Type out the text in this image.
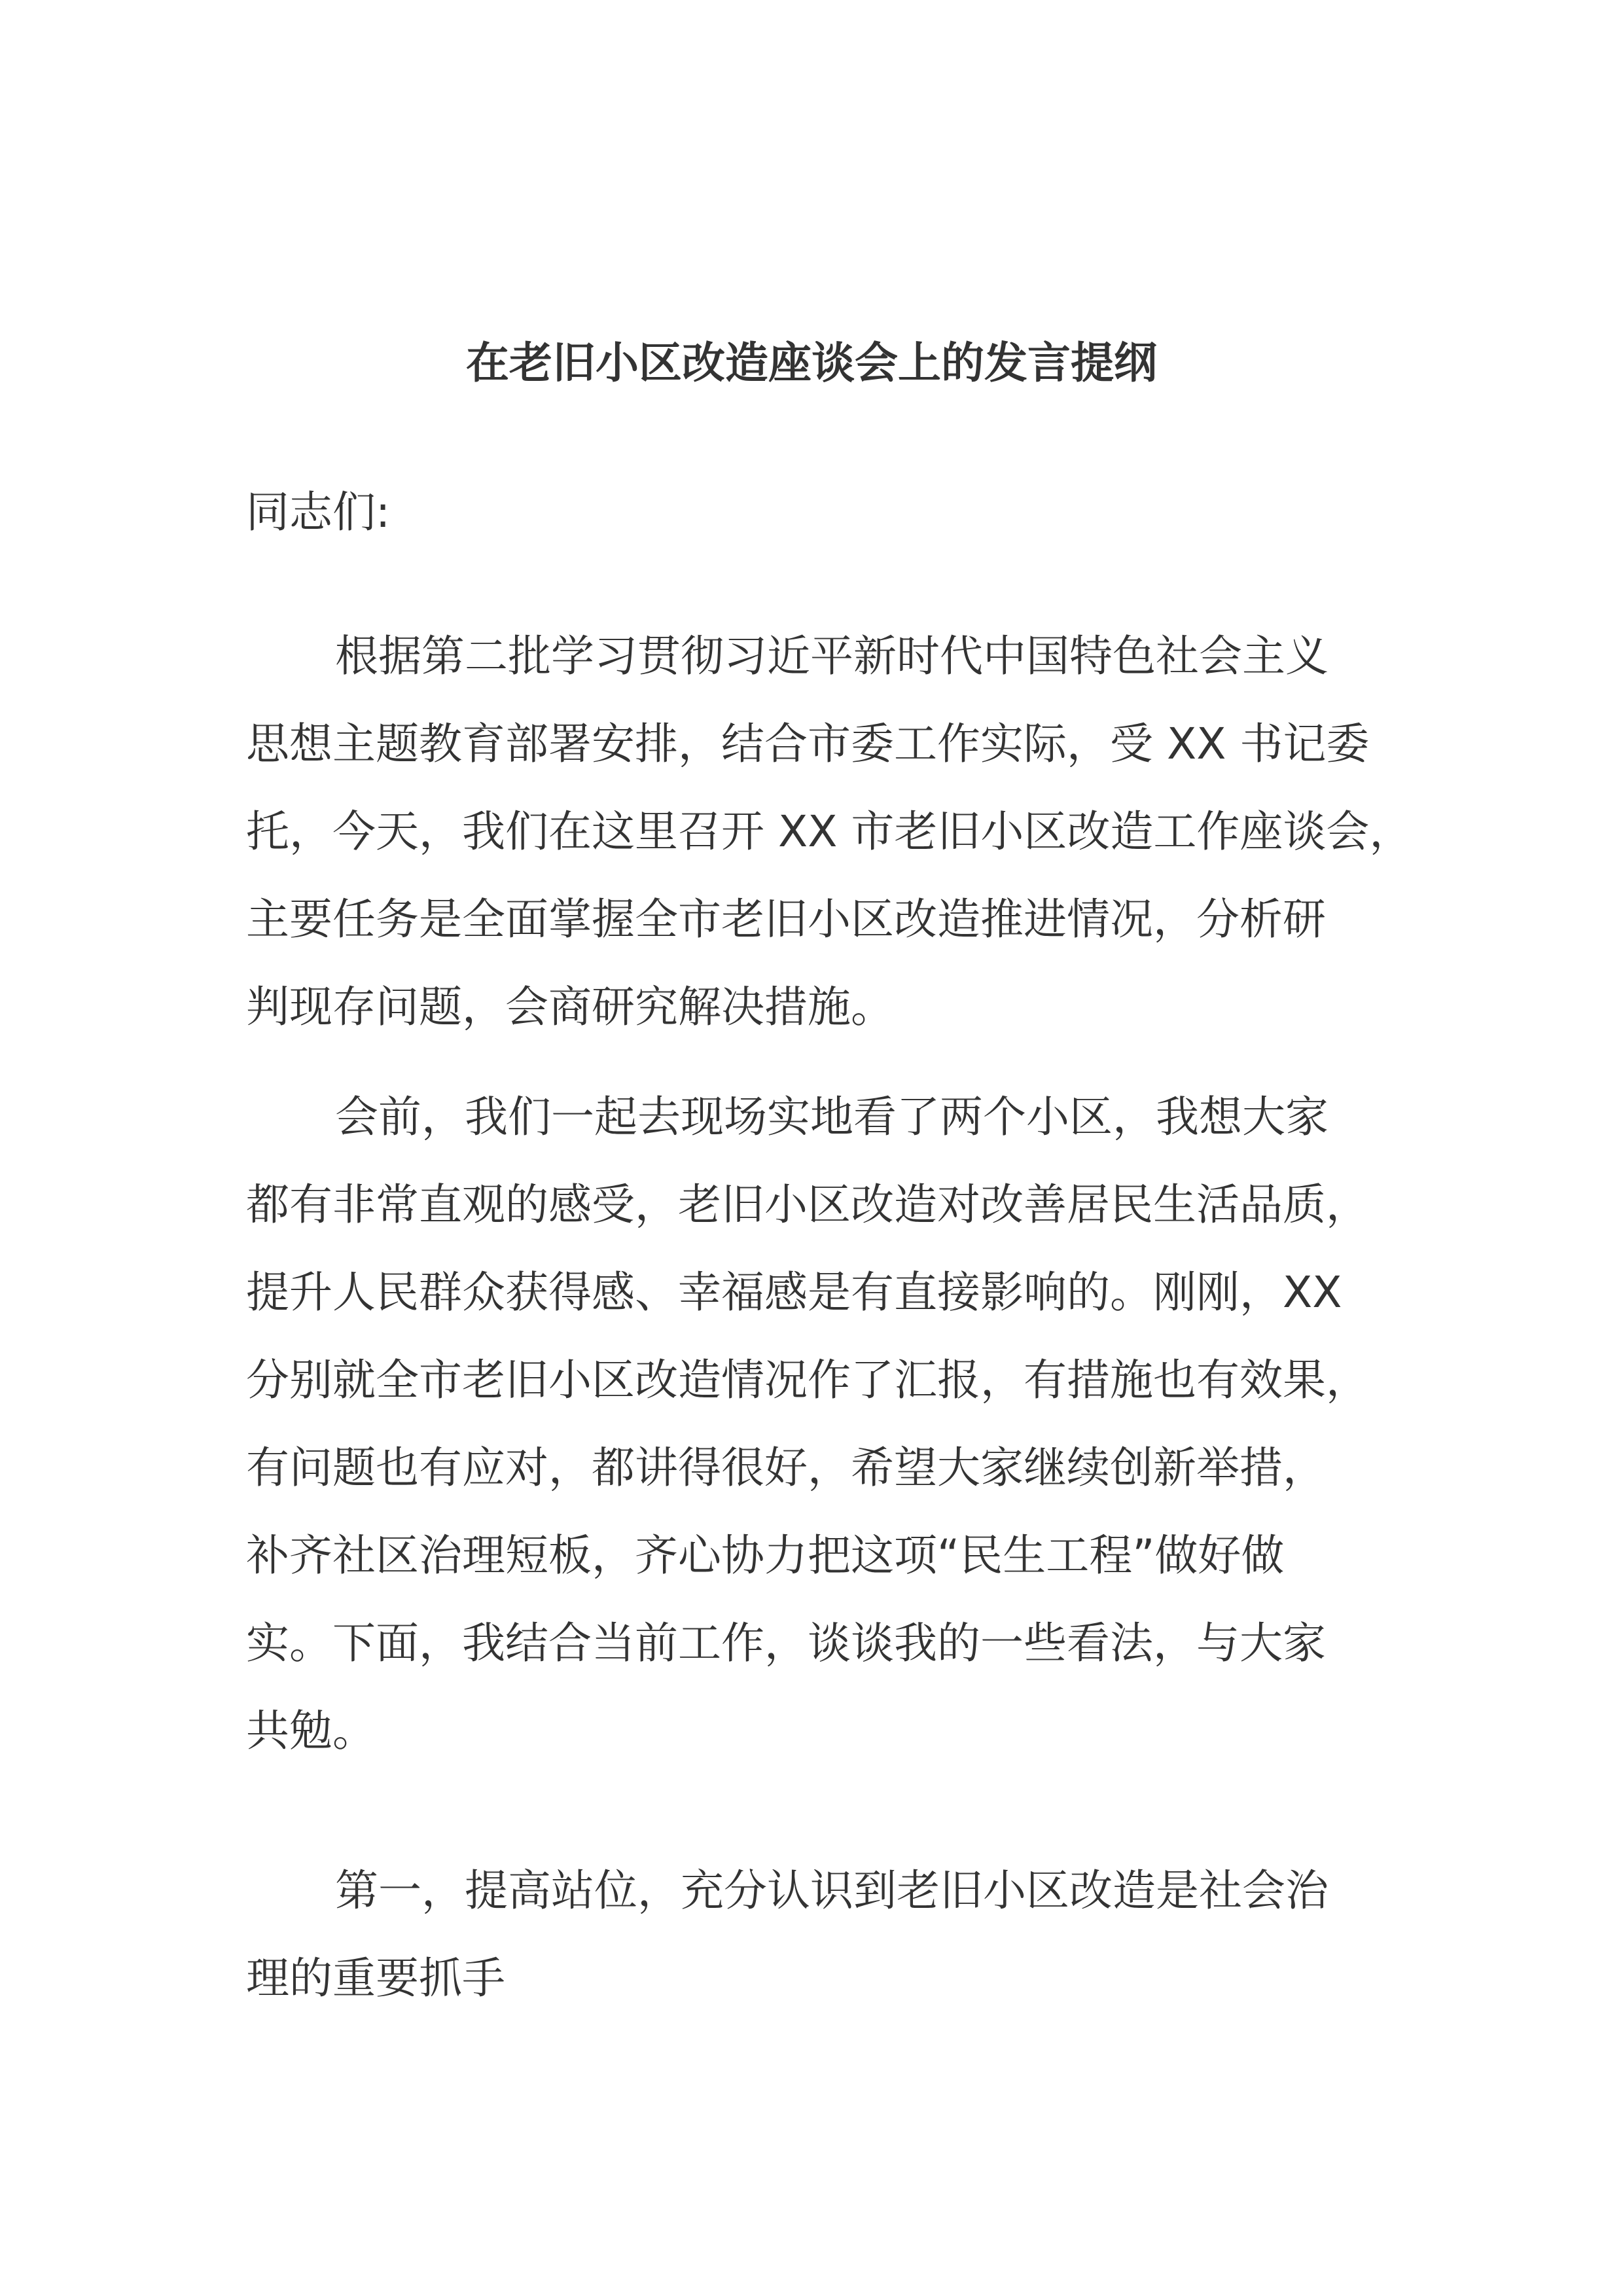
在老旧小区改造座谈会上的发言提纲

同志们:

根据第二批学习贯彻习近平新时代中国特色社会主义
思想主题教育部署安排，结合市委工作实际，受 XX 书记委
托，今天，我们在这里召开 XX 市老旧小区改造工作座谈会，
主要任务是全面掌握全市老旧小区改造推进情况，分析研
判现存问题，会商研究解决措施。

会前，我们一起去现场实地看了两个小区，我想大家
都有非常直观的感受，老旧小区改造对改善居民生活品质，
提升人民群众获得感、幸福感是有直接影响的。刚刚，XX
分别就全市老旧小区改造情况作了汇报，有措施也有效果，
有问题也有应对，都讲得很好，希望大家继续创新举措，
补齐社区治理短板，齐心协力把这项“民生工程”做好做
实。下面，我结合当前工作，谈谈我的一些看法，与大家
共勉。

第一，提高站位，充分认识到老旧小区改造是社会治
理的重要抓手
